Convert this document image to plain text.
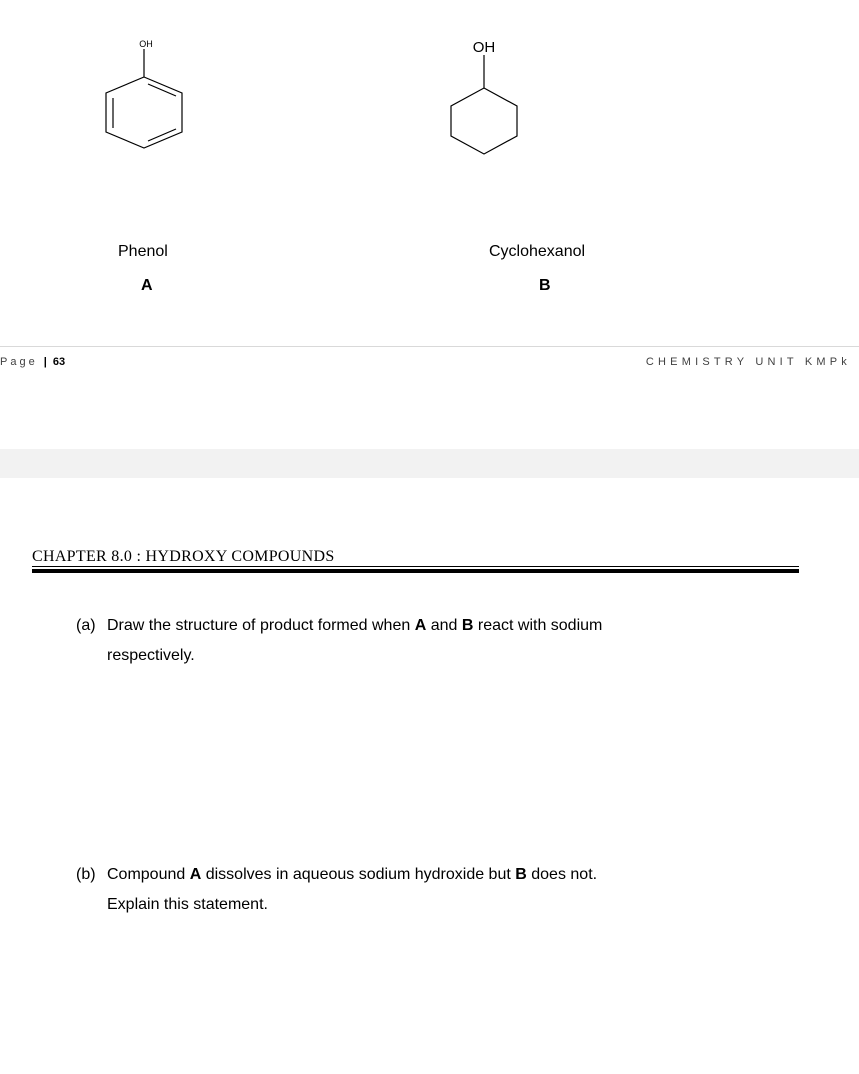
OH	OH
Phenol
A
Cyclohexanol
B
Page | 63	CHEMISTRY UNIT KMPk
CHAPTER 8.0 : HYDROXY COMPOUNDS
(a) Draw the structure of product formed when A and B react with sodium
respectively.
(b) Compound A dissolves in aqueous sodium hydroxide but B does not.
Explain this statement.
